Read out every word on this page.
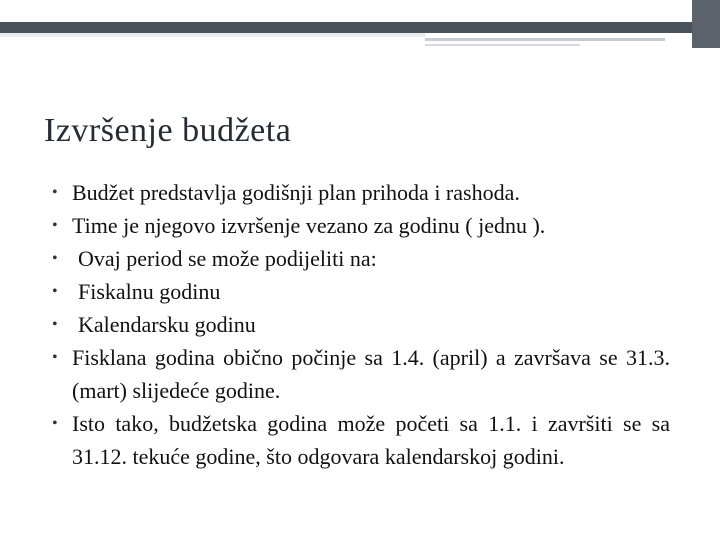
Izvršenje budžeta
• Budžet predstavlja godišnji plan prihoda i rashoda.
• Time je njegovo izvršenje vezano za godinu ( jednu ).
• Ovaj period se može podijeliti na:
• Fiskalnu godinu
• Kalendarsku godinu
• Fisklana godina obično počinje sa 1.4. (april) a završava se 31.3. (mart) slijedeće godine.
• Isto tako, budžetska godina može početi sa 1.1. i završiti se sa 31.12. tekuće godine, što odgovara kalendarskoj godini.
